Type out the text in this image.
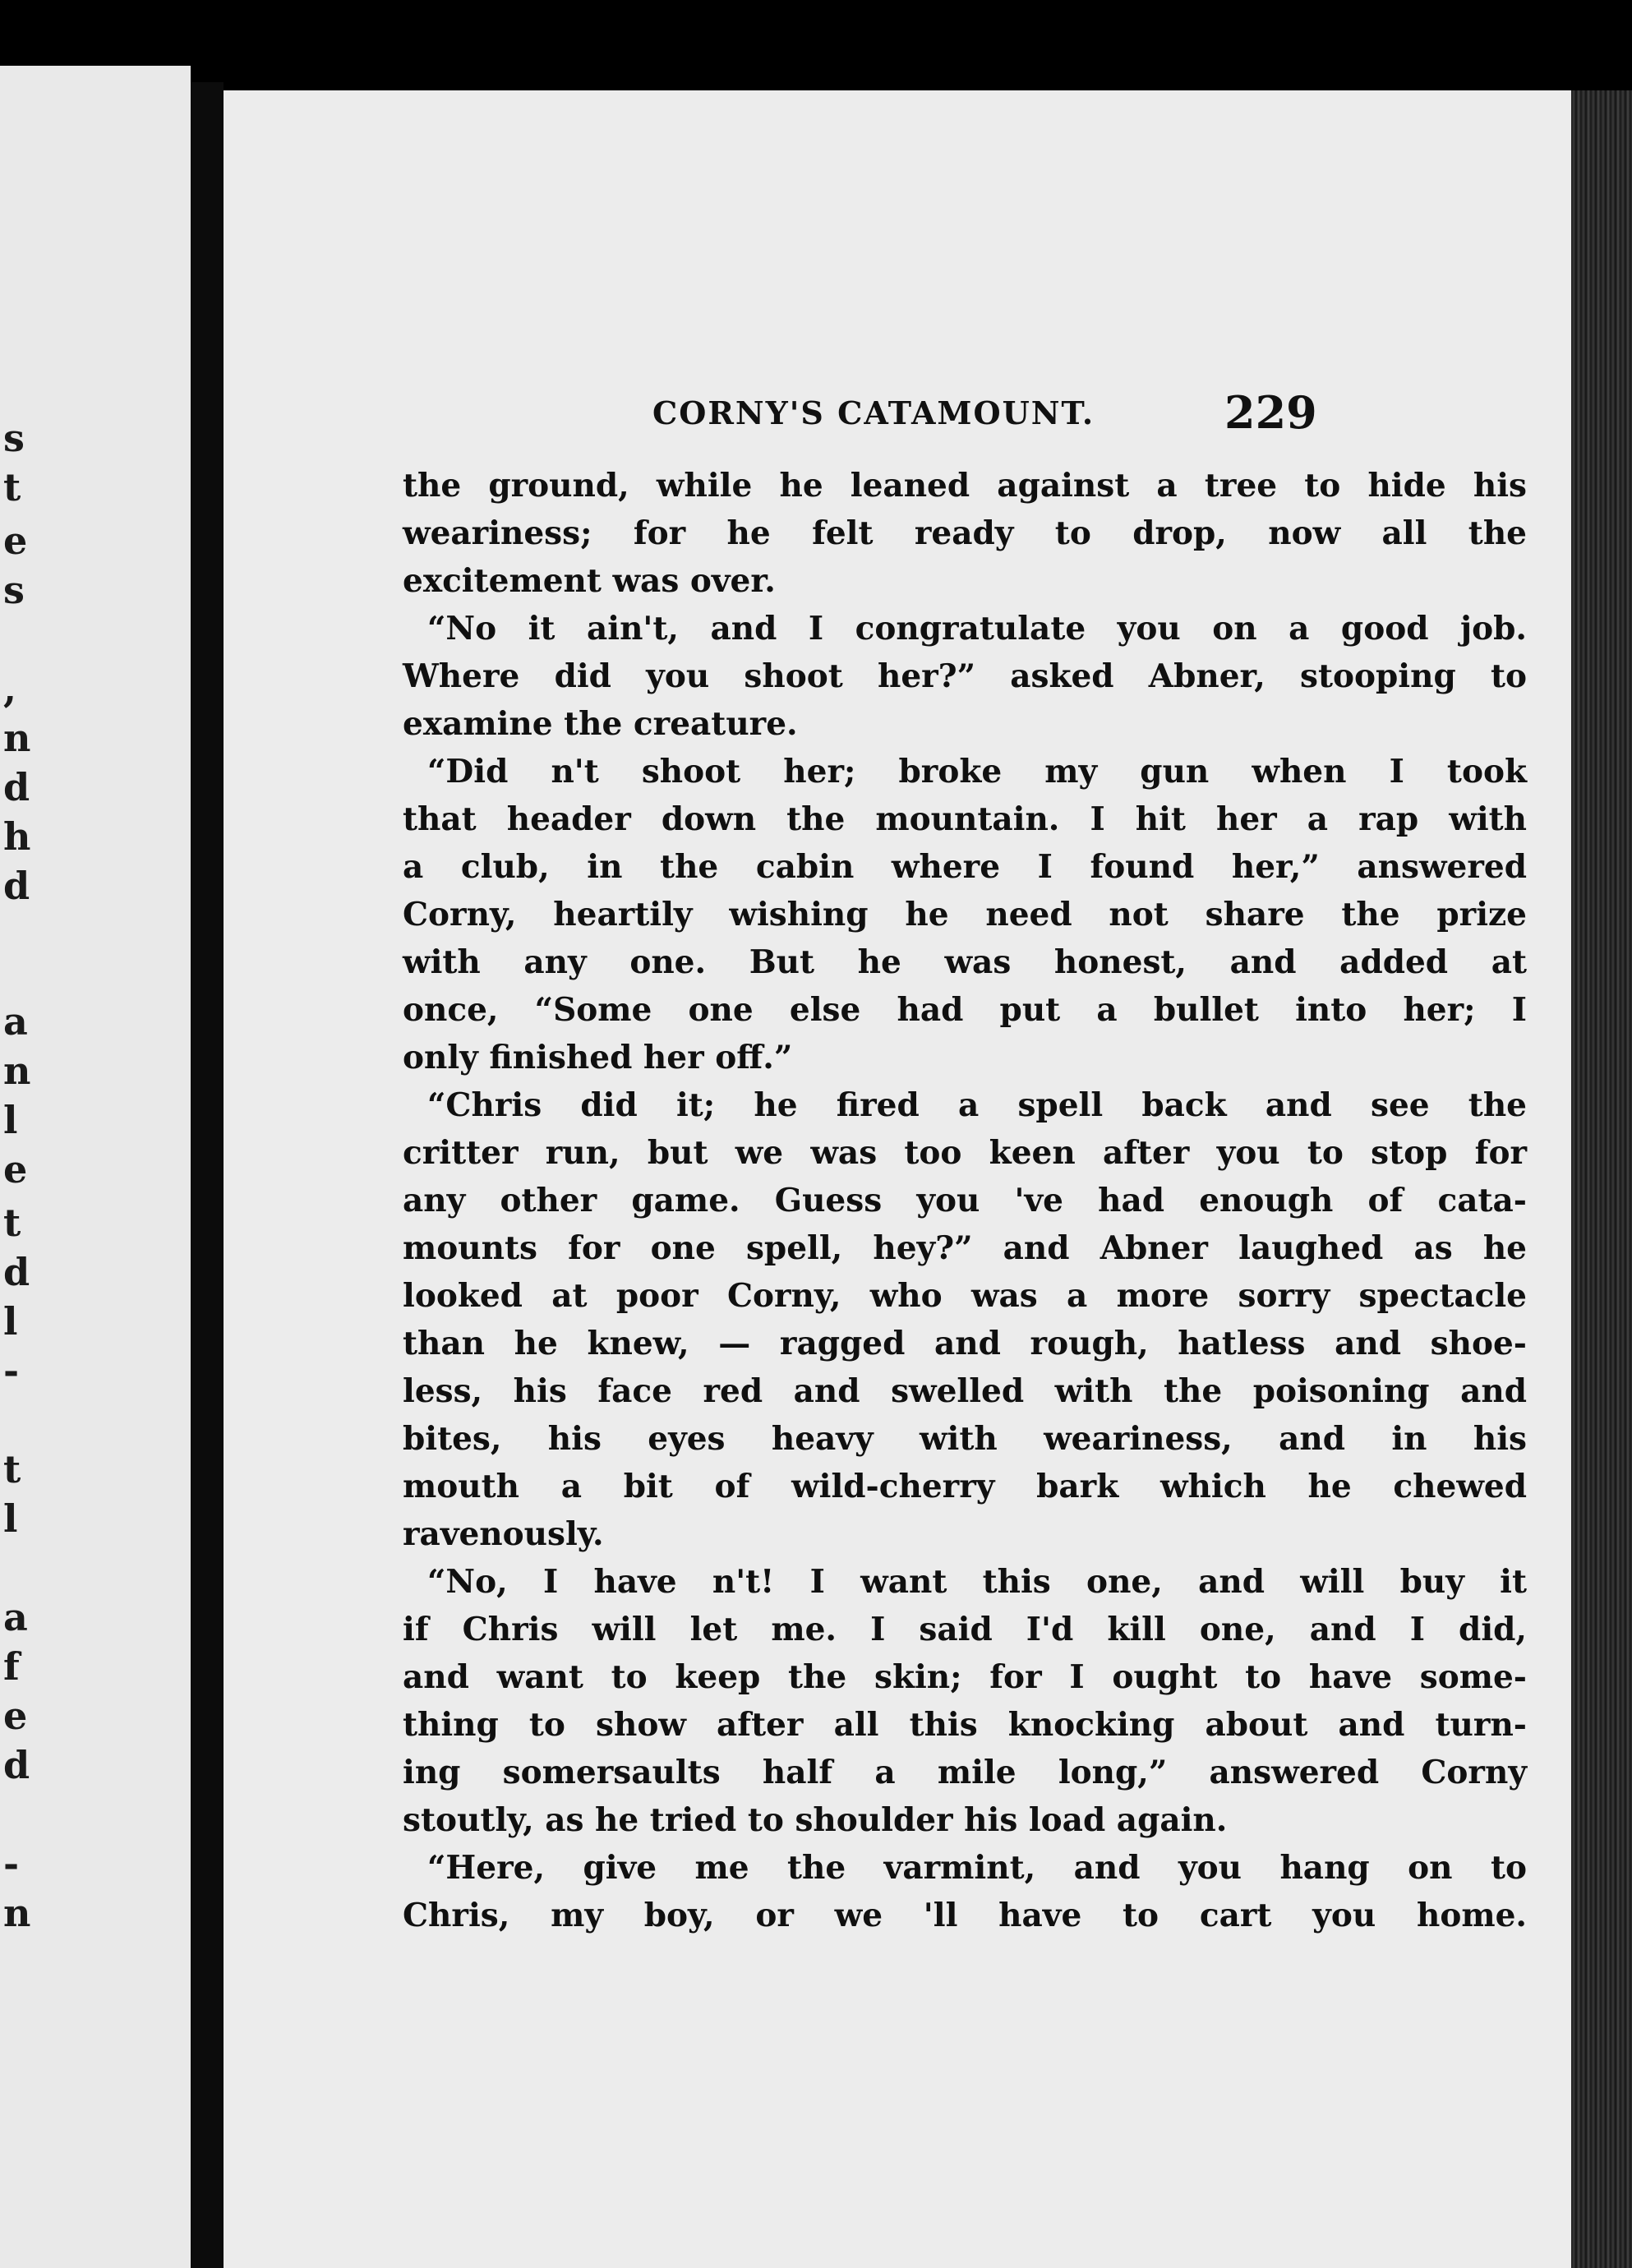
s
t
e
s
,
n
d
h
d
a
n
l
e
t
d
l
-
t
l
a
f
e
d
-
n
CORNY'S CATAMOUNT.	229
the ground, while he leaned against a tree to hide his
weariness; for he felt ready to drop, now all the
excitement was over.
“No it ain't, and I congratulate you on a good job.
Where did you shoot her?” asked Abner, stooping to
examine the creature.
“Did n't shoot her; broke my gun when I took
that header down the mountain. I hit her a rap with
a club, in the cabin where I found her,” answered
Corny, heartily wishing he need not share the prize
with any one. But he was honest, and added at
once, “Some one else had put a bullet into her; I
only finished her off.”
“Chris did it; he fired a spell back and see the
critter run, but we was too keen after you to stop for
any other game. Guess you 've had enough of cata-
mounts for one spell, hey?” and Abner laughed as he
looked at poor Corny, who was a more sorry spectacle
than he knew, — ragged and rough, hatless and shoe-
less, his face red and swelled with the poisoning and
bites, his eyes heavy with weariness, and in his
mouth a bit of wild-cherry bark which he chewed
ravenously.
“No, I have n't! I want this one, and will buy it
if Chris will let me. I said I'd kill one, and I did,
and want to keep the skin; for I ought to have some-
thing to show after all this knocking about and turn-
ing somersaults half a mile long,” answered Corny
stoutly, as he tried to shoulder his load again.
“Here, give me the varmint, and you hang on to
Chris, my boy, or we 'll have to cart you home.
